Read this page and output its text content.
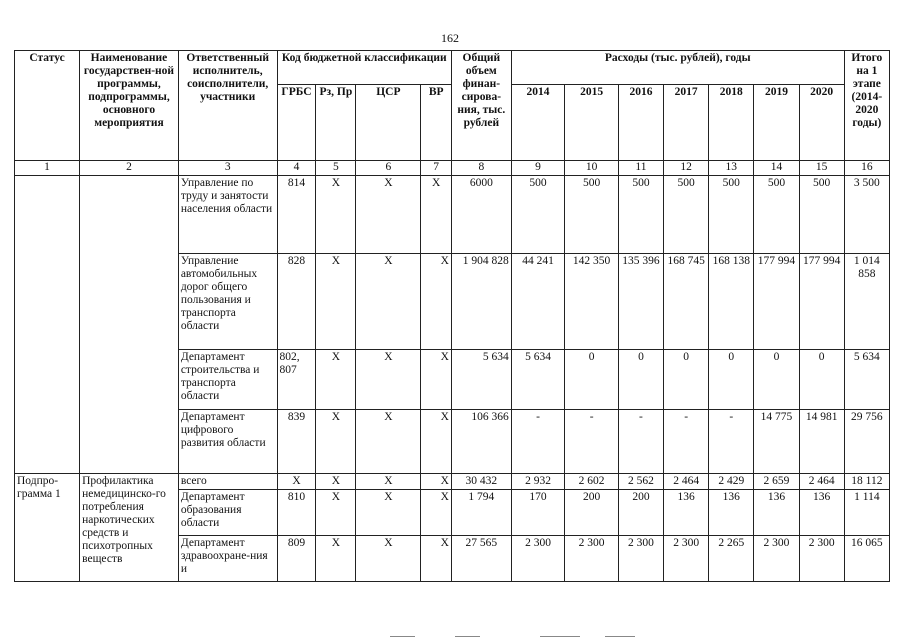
162
Статус	Наименование государствен-ной программы, подпрограммы, основного мероприятия	Ответственный исполнитель, соисполнители, участники	Код бюджетной классификации				Общий объем финан-сирова-ния, тыс. рублей	Расходы (тыс. рублей), годы							Итого на 1 этапе (2014-2020 годы)
			ГРБС	Рз, Пр	ЦСР	ВР		2014	2015	2016	2017	2018	2019	2020	
1	2	3	4	5	6	7	8	9	10	11	12	13	14	15	16
		Управление по труду и занятости населения области	814	Х	Х	Х	6000	500	500	500	500	500	500	500	3 500
		Управление автомобильных дорог общего пользования и транспорта области	828	Х	Х	Х	1 904 828	44 241	142 350	135 396	168 745	168 138	177 994	177 994	1 014 858
		Департамент строительства и транспорта области	802, 807	Х	Х	Х	5 634	5 634	0	0	0	0	0	0	5 634
		Департамент цифрового развития области	839	Х	Х	Х	106 366	-	-	-	-	-	14 775	14 981	29 756
Подпро-грамма 1	Профилактика немедицинско-го потребления наркотических средств и психотропных веществ	всего	Х	Х	Х	Х	30 432	2 932	2 602	2 562	2 464	2 429	2 659	2 464	18 112
		Департамент образования области	810	Х	Х	Х	1 794	170	200	200	136	136	136	136	1 114
		Департамент здравоохране-ния и	809	Х	Х	Х	27 565	2 300	2 300	2 300	2 300	2 265	2 300	2 300	16 065
